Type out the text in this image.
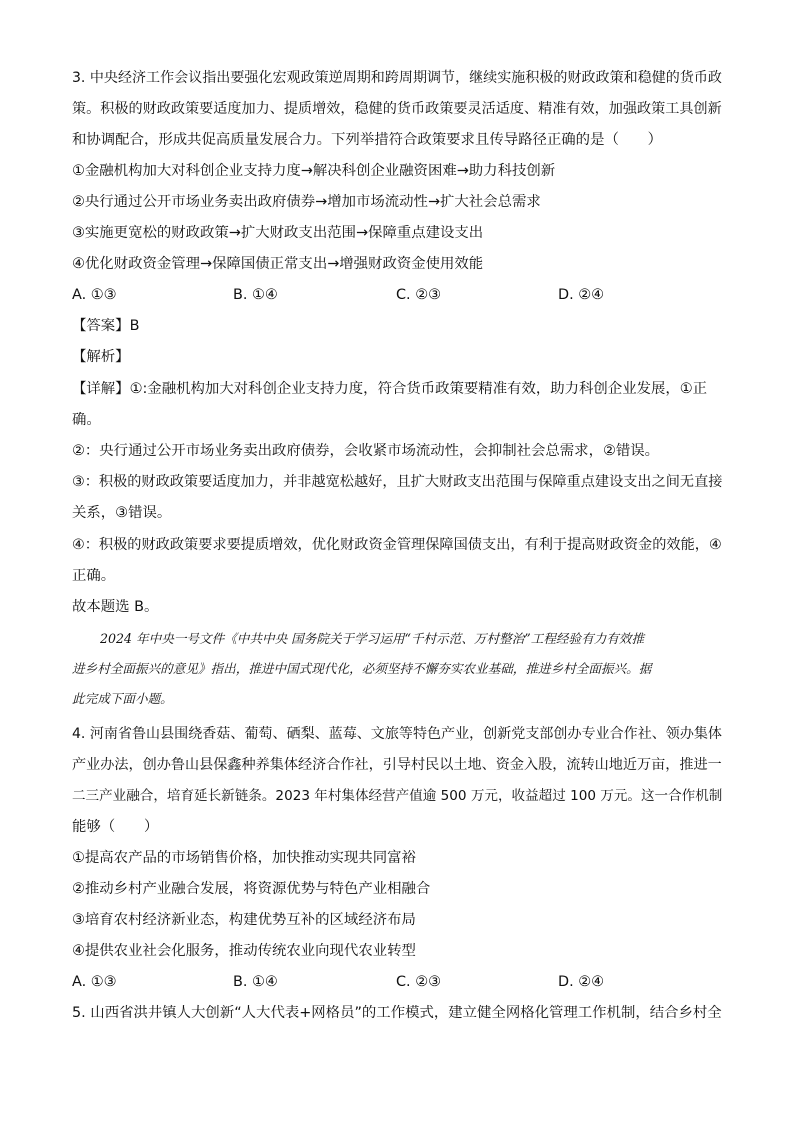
3. 中央经济工作会议指出要强化宏观政策逆周期和跨周期调节，继续实施积极的财政政策和稳健的货币政
策。积极的财政政策要适度加力、提质增效，稳健的货币政策要灵活适度、精准有效，加强政策工具创新
和协调配合，形成共促高质量发展合力。下列举措符合政策要求且传导路径正确的是（　　）
①金融机构加大对科创企业支持力度→解决科创企业融资困难→助力科技创新
②央行通过公开市场业务卖出政府债券→增加市场流动性→扩大社会总需求
③实施更宽松的财政政策→扩大财政支出范围→保障重点建设支出
④优化财政资金管理→保障国债正常支出→增强财政资金使用效能
A. ①③	B. ①④	C. ②③	D. ②④
【答案】B
【解析】
【详解】①:金融机构加大对科创企业支持力度，符合货币政策要精准有效，助力科创企业发展，①正
确。
②：央行通过公开市场业务卖出政府债券，会收紧市场流动性，会抑制社会总需求，②错误。
③：积极的财政政策要适度加力，并非越宽松越好，且扩大财政支出范围与保障重点建设支出之间无直接
关系，③错误。
④：积极的财政政策要求要提质增效，优化财政资金管理保障国债支出，有利于提高财政资金的效能，④
正确。
故本题选 B。
2024 年中央一号文件《中共中央 国务院关于学习运用“千村示范、万村整治”工程经验有力有效推
进乡村全面振兴的意见》指出，推进中国式现代化，必须坚持不懈夯实农业基础，推进乡村全面振兴。据
此完成下面小题。
4. 河南省鲁山县围绕香菇、葡萄、硒梨、蓝莓、文旅等特色产业，创新党支部创办专业合作社、领办集体
产业办法，创办鲁山县保鑫种养集体经济合作社，引导村民以土地、资金入股，流转山地近万亩，推进一
二三产业融合，培育延长新链条。2023 年村集体经营产值逾 500 万元，收益超过 100 万元。这一合作机制
能够（　　）
①提高农产品的市场销售价格，加快推动实现共同富裕
②推动乡村产业融合发展，将资源优势与特色产业相融合
③培育农村经济新业态，构建优势互补的区域经济布局
④提供农业社会化服务，推动传统农业向现代农业转型
A. ①③	B. ①④	C. ②③	D. ②④
5. 山西省洪井镇人大创新“人大代表+网格员”的工作模式，建立健全网格化管理工作机制，结合乡村全
